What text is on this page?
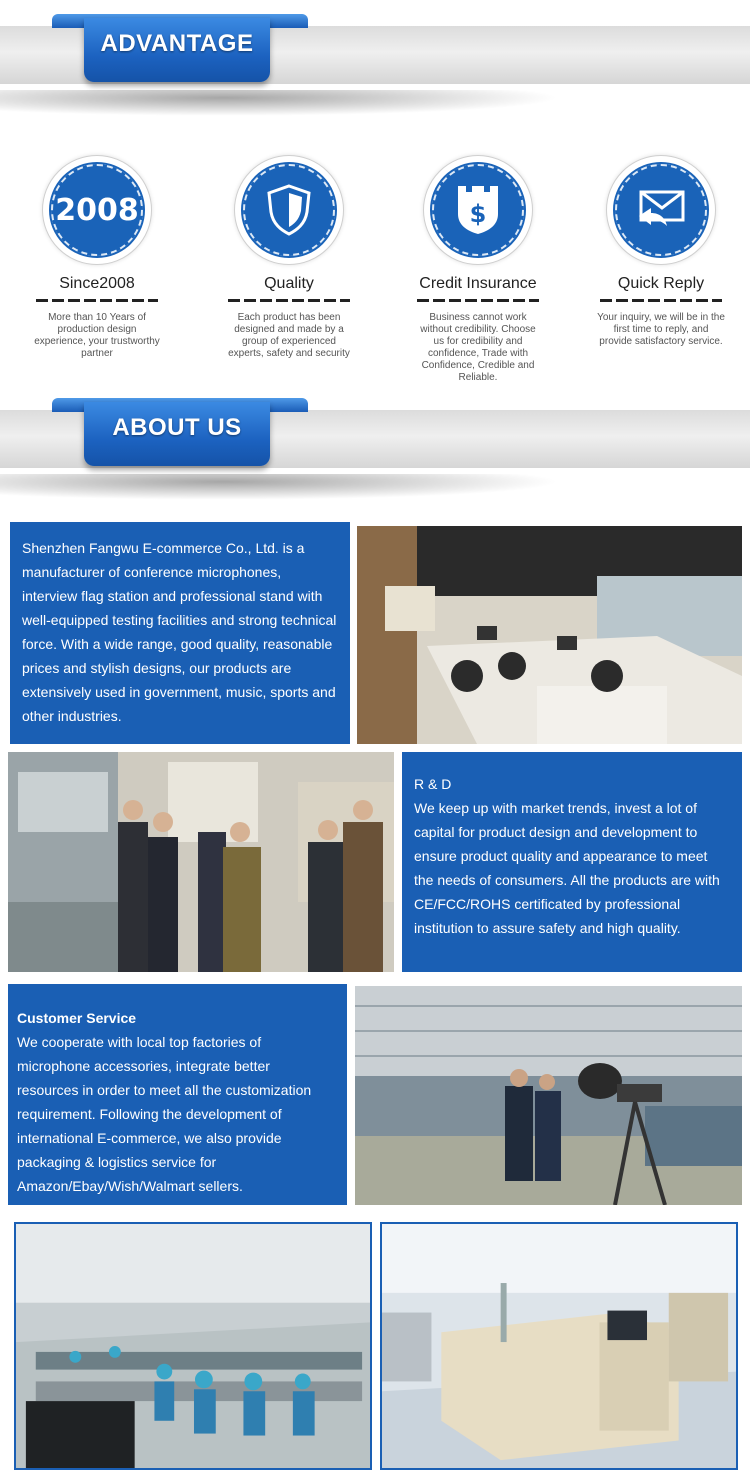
ADVANTAGE
2008
Since2008
More than 10 Years of production design experience, your trustworthy partner
Quality
Each product has been designed and made by a group of experienced experts, safety and security
$
Credit Insurance
Business cannot work without credibility. Choose us for credibility and confidence, Trade with Confidence, Credible and Reliable.
Quick Reply
Your inquiry, we will be in the first time to reply, and provide satisfactory service.
ABOUT US
Shenzhen Fangwu E-commerce Co., Ltd. is a manufacturer of conference microphones, interview flag station and professional stand with well-equipped testing facilities and strong technical force. With a wide range, good quality, reasonable prices and stylish designs, our products are extensively used in government, music, sports and other industries.
R & D
We keep up with market trends, invest a lot of capital for product design and development to ensure product quality and appearance to meet the needs of consumers. All the products are with CE/FCC/ROHS certificated by professional institution to assure safety and high quality.
Customer Service
We cooperate with local top factories of microphone accessories, integrate better resources in order to meet all the customization requirement. Following the development of international E-commerce, we also provide packaging & logistics service for Amazon/Ebay/Wish/Walmart sellers.
